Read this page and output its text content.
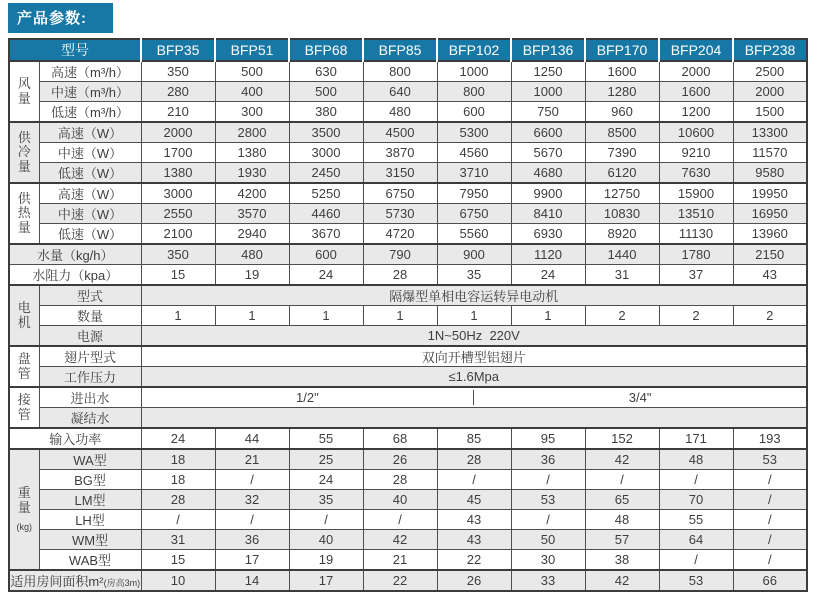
产品参数:
型号		BFP35	BFP51	BFP68	BFP85	BFP102	BFP136	BFP170	BFP204	BFP238

风
量	高速（m³/h）	350	500	630	800	1000	1250	1600	2000	2500
	中速（m³/h）	280	400	500	640	800	1000	1280	1600	2000
	低速（m³/h）	210	300	380	480	600	750	960	1200	1500

供
冷
量	高速（W）	2000	2800	3500	4500	5300	6600	8500	10600	13300
	中速（W）	1700	1380	3000	3870	4560	5670	7390	9210	11570
	低速（W）	1380	1930	2450	3150	3710	4680	6120	7630	9580

供
热
量	高速（W）	3000	4200	5250	6750	7950	9900	12750	15900	19950
	中速（W）	2550	3570	4460	5730	6750	8410	10830	13510	16950
	低速（W）	2100	2940	3670	4720	5560	6930	8920	11130	13960
水量（kg/h）		350	480	600	790	900	1120	1440	1780	2150
水阻力（kpa）		15	19	24	28	35	24	31	37	43

电
机	型式	隔爆型单相电容运转异电动机								
	数量	1	1	1	1	1	1	2	2	2
	电源	1N~50Hz  220V								

盘
管	翅片型式	双向开槽型铝翅片								
	工作压力	≤1.6Mpa								

接
管
	进出水	1/2"	3/4"

	凝结水									
输入功率		24	44	55	68	85	95	152	171	193

重
量
(kg)	WA型	18	21	25	26	28	36	42	48	53
	BG型	18	/	24	28	/	/	/	/	/
	LM型	28	32	35	40	45	53	65	70	/
	LH型	/	/	/	/	43	/	48	55	/
	WM型	31	36	40	42	43	50	57	64	/
	WAB型	15	17	19	21	22	30	38	/	/
适用房间面积m²(房高3m)		10	14	17	22	26	33	42	53	66
